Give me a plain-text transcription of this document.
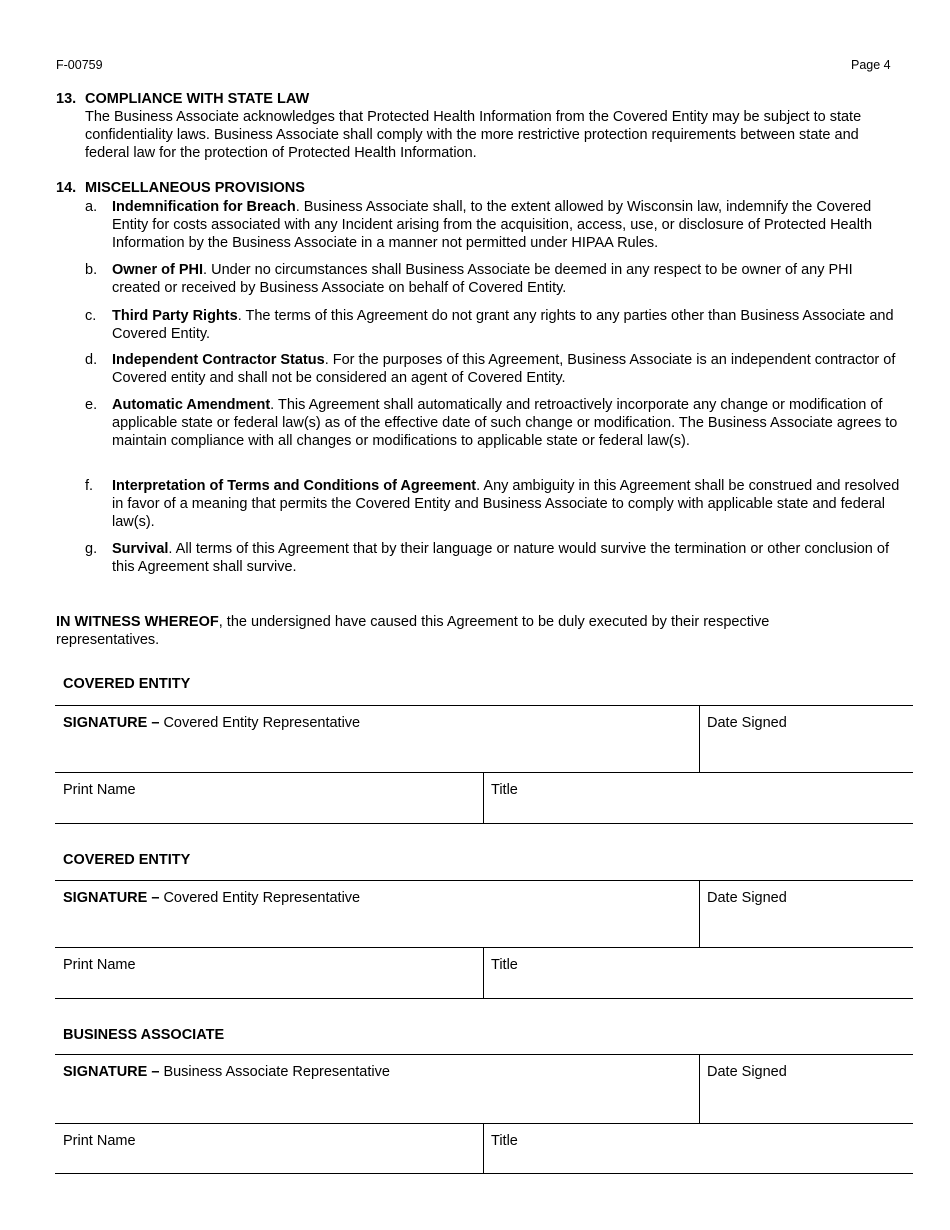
F-00759	Page 4
13. COMPLIANCE WITH STATE LAW
The Business Associate acknowledges that Protected Health Information from the Covered Entity may be subject to state confidentiality laws. Business Associate shall comply with the more restrictive protection requirements between state and federal law for the protection of Protected Health Information.
14. MISCELLANEOUS PROVISIONS
a.	Indemnification for Breach. Business Associate shall, to the extent allowed by Wisconsin law, indemnify the Covered Entity for costs associated with any Incident arising from the acquisition, access, use, or disclosure of Protected Health Information by the Business Associate in a manner not permitted under HIPAA Rules.
b.	Owner of PHI. Under no circumstances shall Business Associate be deemed in any respect to be owner of any PHI created or received by Business Associate on behalf of Covered Entity.
c.	Third Party Rights. The terms of this Agreement do not grant any rights to any parties other than Business Associate and Covered Entity.
d.	Independent Contractor Status. For the purposes of this Agreement, Business Associate is an independent contractor of Covered entity and shall not be considered an agent of Covered Entity.
e.	Automatic Amendment. This Agreement shall automatically and retroactively incorporate any change or modification of applicable state or federal law(s) as of the effective date of such change or modification. The Business Associate agrees to maintain compliance with all changes or modifications to applicable state or federal law(s).
f.	Interpretation of Terms and Conditions of Agreement. Any ambiguity in this Agreement shall be construed and resolved in favor of a meaning that permits the Covered Entity and Business Associate to comply with applicable state and federal law(s).
g.	Survival. All terms of this Agreement that by their language or nature would survive the termination or other conclusion of this Agreement shall survive.
IN WITNESS WHEREOF, the undersigned have caused this Agreement to be duly executed by their respective representatives.
COVERED ENTITY
SIGNATURE – Covered Entity Representative	Date Signed
Print Name	Title
COVERED ENTITY
SIGNATURE – Covered Entity Representative	Date Signed
Print Name	Title
BUSINESS ASSOCIATE
SIGNATURE – Business Associate Representative	Date Signed
Print Name	Title
